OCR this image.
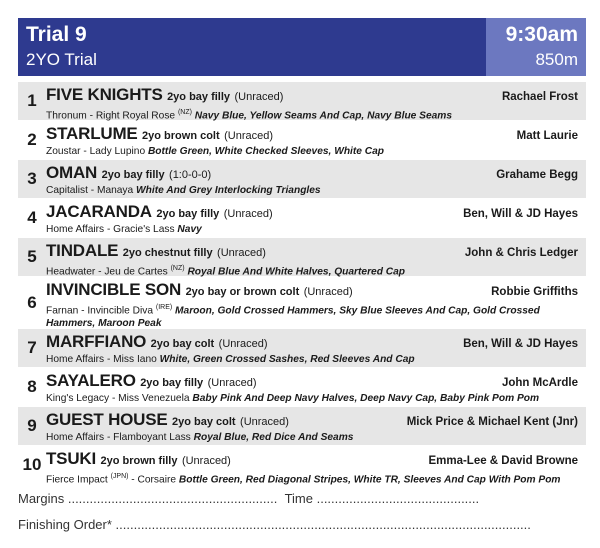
Trial 9
2YO Trial
9:30am
850m
1 FIVE KNIGHTS 2yo bay filly (Unraced)	Rachael Frost
Thronum - Right Royal Rose $^{(NZ)}$ Navy Blue, Yellow Seams And Cap, Navy Blue Seams
2 STARLUME 2yo brown colt (Unraced)	Matt Laurie
Zoustar - Lady Lupino Bottle Green, White Checked Sleeves, White Cap
3 OMAN 2yo bay filly (1:0-0-0)	Grahame Begg
Capitalist - Manaya White And Grey Interlocking Triangles
4 JACARANDA 2yo bay filly (Unraced)	Ben, Will & JD Hayes
Home Affairs - Gracie's Lass Navy
5 TINDALE 2yo chestnut filly (Unraced)	John & Chris Ledger
Headwater - Jeu de Cartes $^{(NZ)}$ Royal Blue And White Halves, Quartered Cap
6
INVINCIBLE SON 2yo bay or brown colt (Unraced)	Robbie Griffiths
Farnan - Invincible Diva $^{(IRE)}$ Maroon, Gold Crossed Hammers, Sky Blue Sleeves And Cap, Gold Crossed Hammers, Maroon Peak
7 MARFFIANO 2yo bay colt (Unraced)	Ben, Will & JD Hayes
Home Affairs - Miss Iano White, Green Crossed Sashes, Red Sleeves And Cap
8 SAYALERO 2yo bay filly (Unraced)	John McArdle
King's Legacy - Miss Venezuela Baby Pink And Deep Navy Halves, Deep Navy Cap, Baby Pink Pom Pom
9 GUEST HOUSE 2yo bay colt (Unraced)	Mick Price & Michael Kent (Jnr)
Home Affairs - Flamboyant Lass Royal Blue, Red Dice And Seams
10 TSUKI 2yo brown filly (Unraced)	Emma-Lee & David Browne
Fierce Impact $^{(JPN)}$ - Corsaire Bottle Green, Red Diagonal Stripes, White TR, Sleeves And Cap With Pom Pom
Margins ..........................................................
Time .............................................
Finishing Order* ...................................................................................................................
